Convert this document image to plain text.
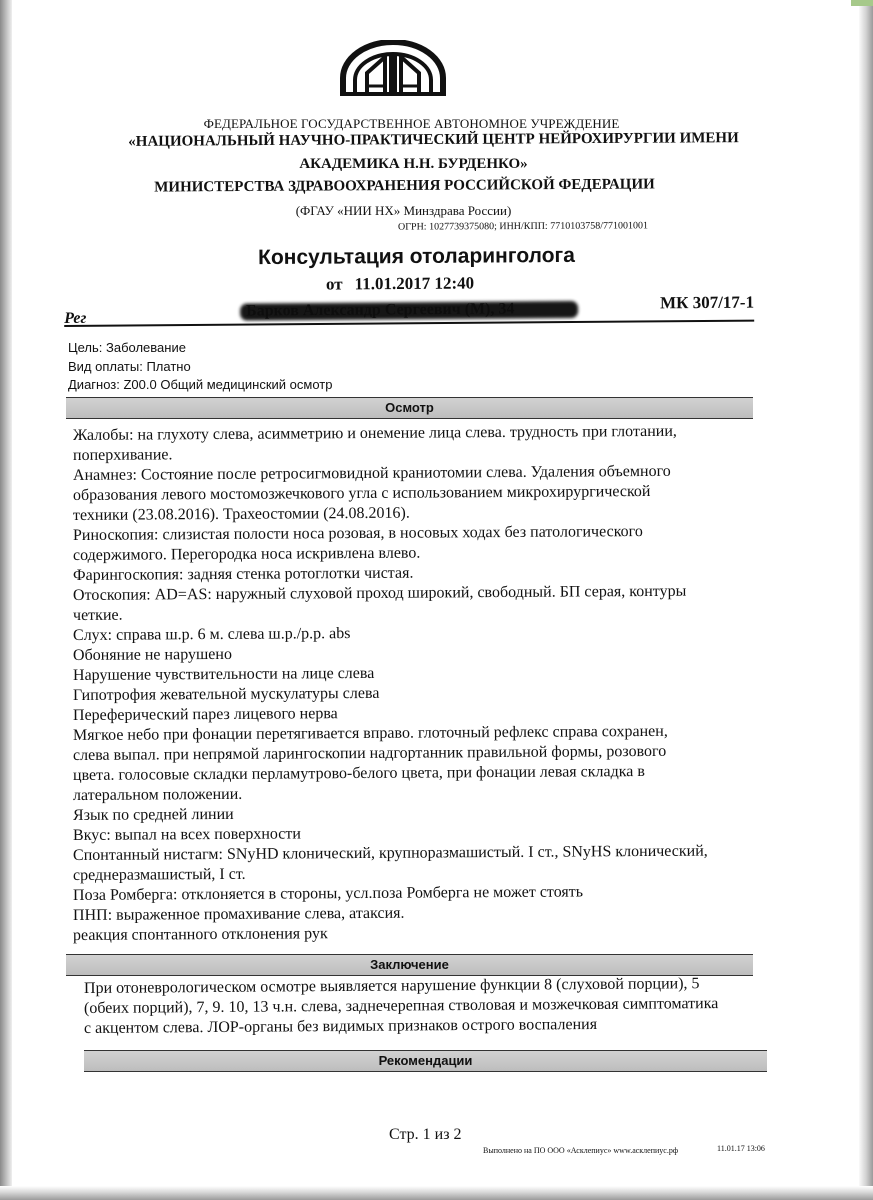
ФЕДЕРАЛЬНОЕ ГОСУДАРСТВЕННОЕ АВТОНОМНОЕ УЧРЕЖДЕНИЕ
«НАЦИОНАЛЬНЫЙ НАУЧНО-ПРАКТИЧЕСКИЙ ЦЕНТР НЕЙРОХИРУРГИИ ИМЕНИ
АКАДЕМИКА Н.Н. БУРДЕНКО»
МИНИСТЕРСТВА ЗДРАВООХРАНЕНИЯ РОССИЙСКОЙ ФЕДЕРАЦИИ
(ФГАУ «НИИ НХ» Минздрава России)
ОГРН: 1027739375080; ИНН/КПП: 7710103758/771001001
Консультация отоларинголога
от 11.01.2017 12:40
Рег
МК 307/17-1
Цель: Заболевание
Вид оплаты: Платно
Диагноз: Z00.0 Общий медицинский осмотр
Осмотр
Жалобы: на глухоту слева, асимметрию и онемение лица слева. трудность при глотании,
поперхивание.
Анамнез: Состояние после ретросигмовидной краниотомии слева. Удаления объемного
образования левого мостомозжечкового угла с использованием микрохирургической
техники (23.08.2016). Трахеостомии (24.08.2016).
Риноскопия: слизистая полости носа розовая, в носовых ходах без патологического
содержимого. Перегородка носа искривлена влево.
Фарингоскопия: задняя стенка ротоглотки чистая.
Отоскопия: AD=AS: наружный слуховой проход широкий, свободный. БП серая, контуры
четкие.
Слух: справа ш.р. 6 м. слева ш.р./р.р. abs
Обоняние не нарушено
Нарушение чувствительности на лице слева
Гипотрофия жевательной мускулатуры слева
Переферический парез лицевого нерва
Мягкое небо при фонации перетягивается вправо. глоточный рефлекс справа сохранен,
слева выпал. при непрямой ларингоскопии надгортанник правильной формы, розового
цвета. голосовые складки перламутрово-белого цвета, при фонации левая складка в
латеральном положении.
Язык по средней линии
Вкус: выпал на всех поверхности
Спонтанный нистагм: SNyHD клонический, крупноразмашистый. I ст., SNyHS клонический,
среднеразмашистый, I ст.
Поза Ромберга: отклоняется в стороны, усл.поза Ромберга не может стоять
ПНП: выраженное промахивание слева, атаксия.
реакция спонтанного отклонения рук
Заключение
При отоневрологическом осмотре выявляется нарушение функции 8 (слуховой порции), 5
(обеих порций), 7, 9. 10, 13 ч.н. слева, заднечерепная стволовая и мозжечковая симптоматика
с акцентом слева. ЛОР-органы без видимых признаков острого воспаления
Рекомендации
Стр. 1 из 2
Выполнено на ПО ООО «Асклепиус» www.асклепиус.рф	11.01.17 13:06
